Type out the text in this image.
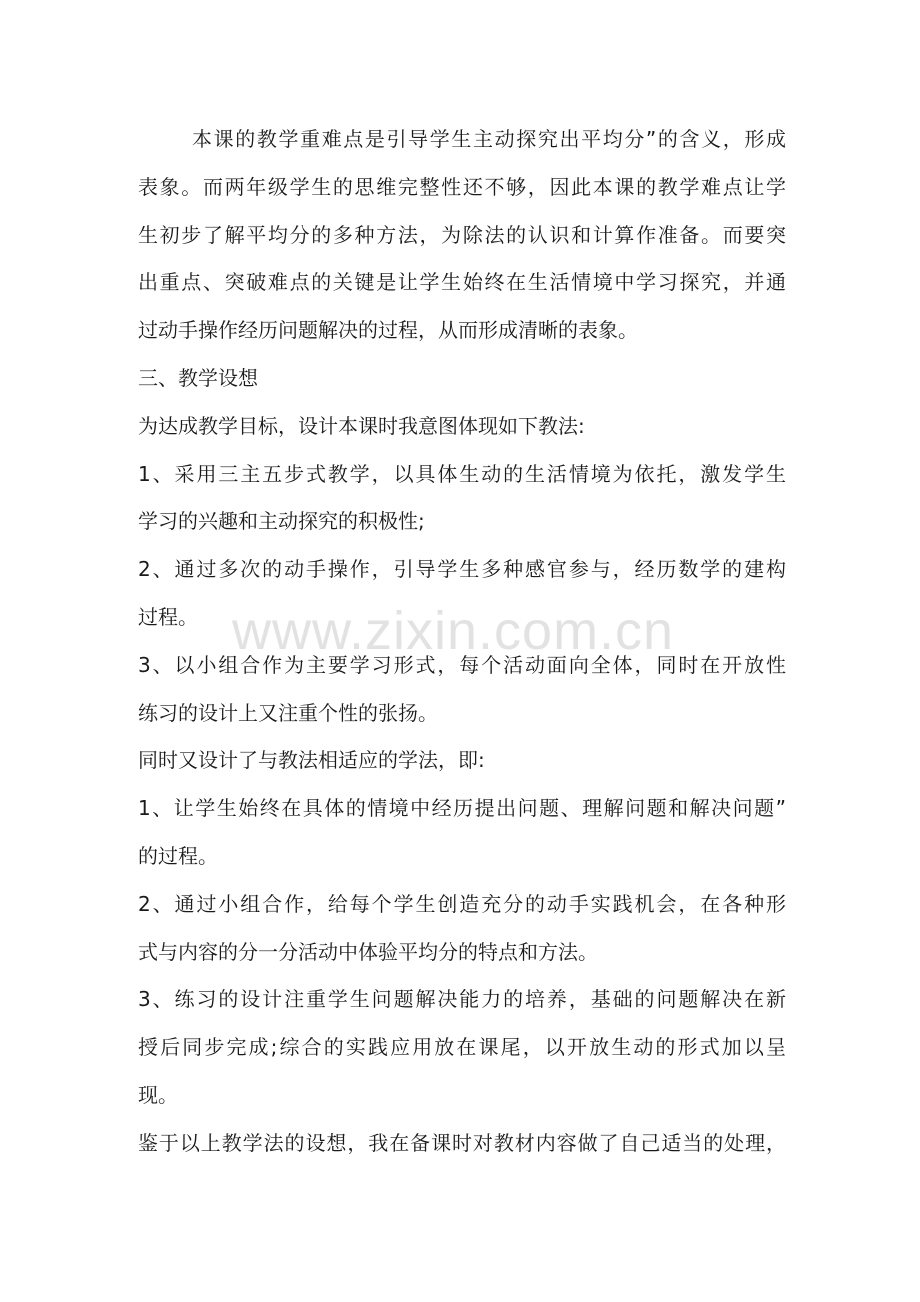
本课的教学重难点是引导学生主动探究出平均分”的含义，形成
表象。而两年级学生的思维完整性还不够，因此本课的教学难点让学
生初步了解平均分的多种方法，为除法的认识和计算作准备。而要突
出重点、突破难点的关键是让学生始终在生活情境中学习探究，并通
过动手操作经历问题解决的过程，从而形成清晰的表象。
三、教学设想
为达成教学目标，设计本课时我意图体现如下教法:
1、采用三主五步式教学，以具体生动的生活情境为依托，激发学生
学习的兴趣和主动探究的积极性;
2、通过多次的动手操作，引导学生多种感官参与，经历数学的建构
过程。
3、以小组合作为主要学习形式，每个活动面向全体，同时在开放性
练习的设计上又注重个性的张扬。
同时又设计了与教法相适应的学法，即:
1、让学生始终在具体的情境中经历提出问题、理解问题和解决问题”
的过程。
2、通过小组合作，给每个学生创造充分的动手实践机会，在各种形
式与内容的分一分活动中体验平均分的特点和方法。
3、练习的设计注重学生问题解决能力的培养，基础的问题解决在新
授后同步完成;综合的实践应用放在课尾，以开放生动的形式加以呈
现。
鉴于以上教学法的设想，我在备课时对教材内容做了自己适当的处理，
www.zixin.com.cn
